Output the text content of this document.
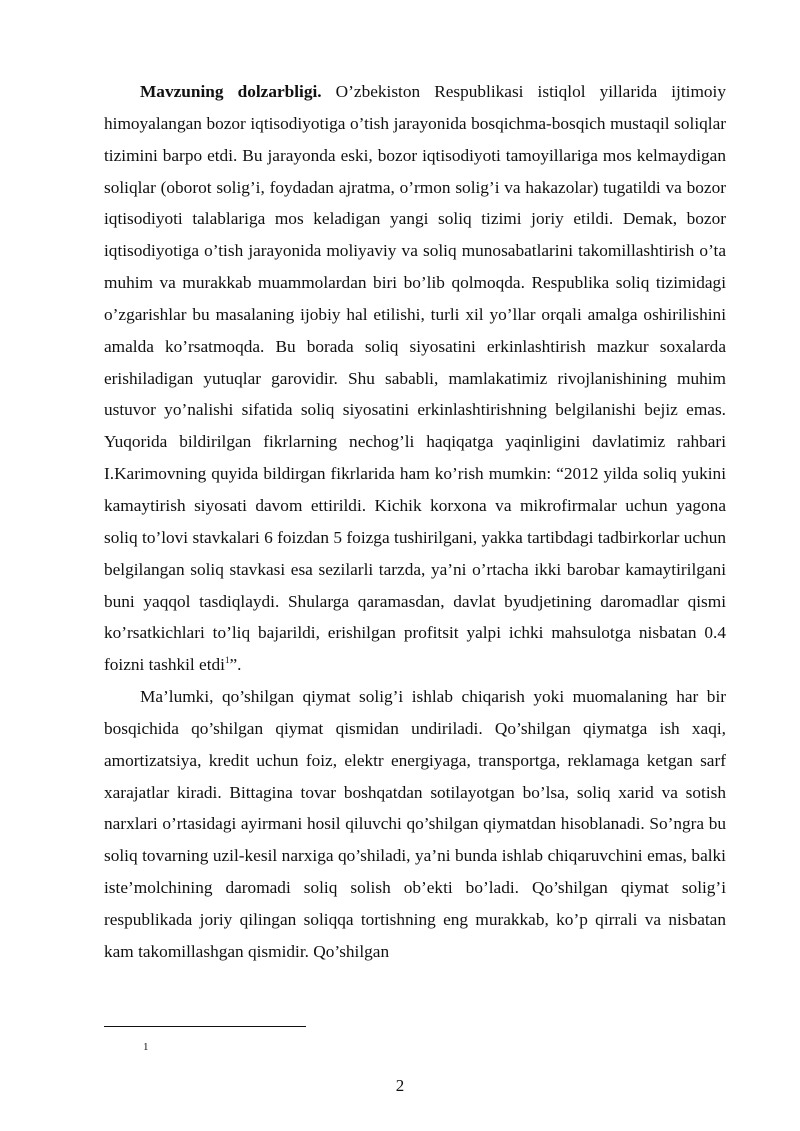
Mavzuning dolzarbligi. O’zbekiston Respublikasi istiqlol yillarida ijtimoiy himoyalangan bozor iqtisodiyotiga o’tish jarayonida bosqichma-bosqich mustaqil soliqlar tizimini barpo etdi. Bu jarayonda eski, bozor iqtisodiyoti tamoyillariga mos kelmaydigan soliqlar (oborot solig’i, foydadan ajratma, o’rmon solig’i va hakazolar) tugatildi va bozor iqtisodiyoti talablariga mos keladigan yangi soliq tizimi joriy etildi. Demak, bozor iqtisodiyotiga o’tish jarayonida moliyaviy va soliq munosabatlarini takomillashtirish o’ta muhim va murakkab muammolardan biri bo’lib qolmoqda. Respublika soliq tizimidagi o’zgarishlar bu masalaning ijobiy hal etilishi, turli xil yo’llar orqali amalga oshirilishini amalda ko’rsatmoqda. Bu borada soliq siyosatini erkinlashtirish mazkur soxalarda erishiladigan yutuqlar garovidir. Shu sababli, mamlakatimiz rivojlanishining muhim ustuvor yo’nalishi sifatida soliq siyosatini erkinlashtirishning belgilanishi bejiz emas. Yuqorida bildirilgan fikrlarning nechog’li haqiqatga yaqinligini davlatimiz rahbari I.Karimovning quyida bildirgan fikrlarida ham ko’rish mumkin: “2012 yilda soliq yukini kamaytirish siyosati davom ettirildi. Kichik korxona va mikrofirmalar uchun yagona soliq to’lovi stavkalari 6 foizdan 5 foizga tushirilgani, yakka tartibdagi tadbirkorlar uchun belgilangan soliq stavkasi esa sezilarli tarzda, ya’ni o’rtacha ikki barobar kamaytirilgani buni yaqqol tasdiqlaydi. Shularga qaramasdan, davlat byudjetining daromadlar qismi ko’rsatkichlari to’liq bajarildi, erishilgan profitsit yalpi ichki mahsulotga nisbatan 0.4 foizni tashkil etdi$^1$”.

Ma’lumki, qo’shilgan qiymat solig’i ishlab chiqarish yoki muomalaning har bir bosqichida qo’shilgan qiymat qismidan undiriladi. Qo’shilgan qiymatga ish xaqi, amortizatsiya, kredit uchun foiz, elektr energiyaga, transportga, reklamaga ketgan sarf xarajatlar kiradi. Bittagina tovar boshqatdan sotilayotgan bo’lsa, soliq xarid va sotish narxlari o’rtasidagi ayirmani hosil qiluvchi qo’shilgan qiymatdan hisoblanadi. So’ngra bu soliq tovarning uzil-kesil narxiga qo’shiladi, ya’ni bunda ishlab chiqaruvchini emas, balki iste’molchining daromadi soliq solish ob’ekti bo’ladi. Qo’shilgan qiymat solig’i respublikada joriy qilingan soliqqa tortishning eng murakkab, ko’p qirrali va nisbatan kam takomillashgan qismidir. Qo’shilgan

1
2
